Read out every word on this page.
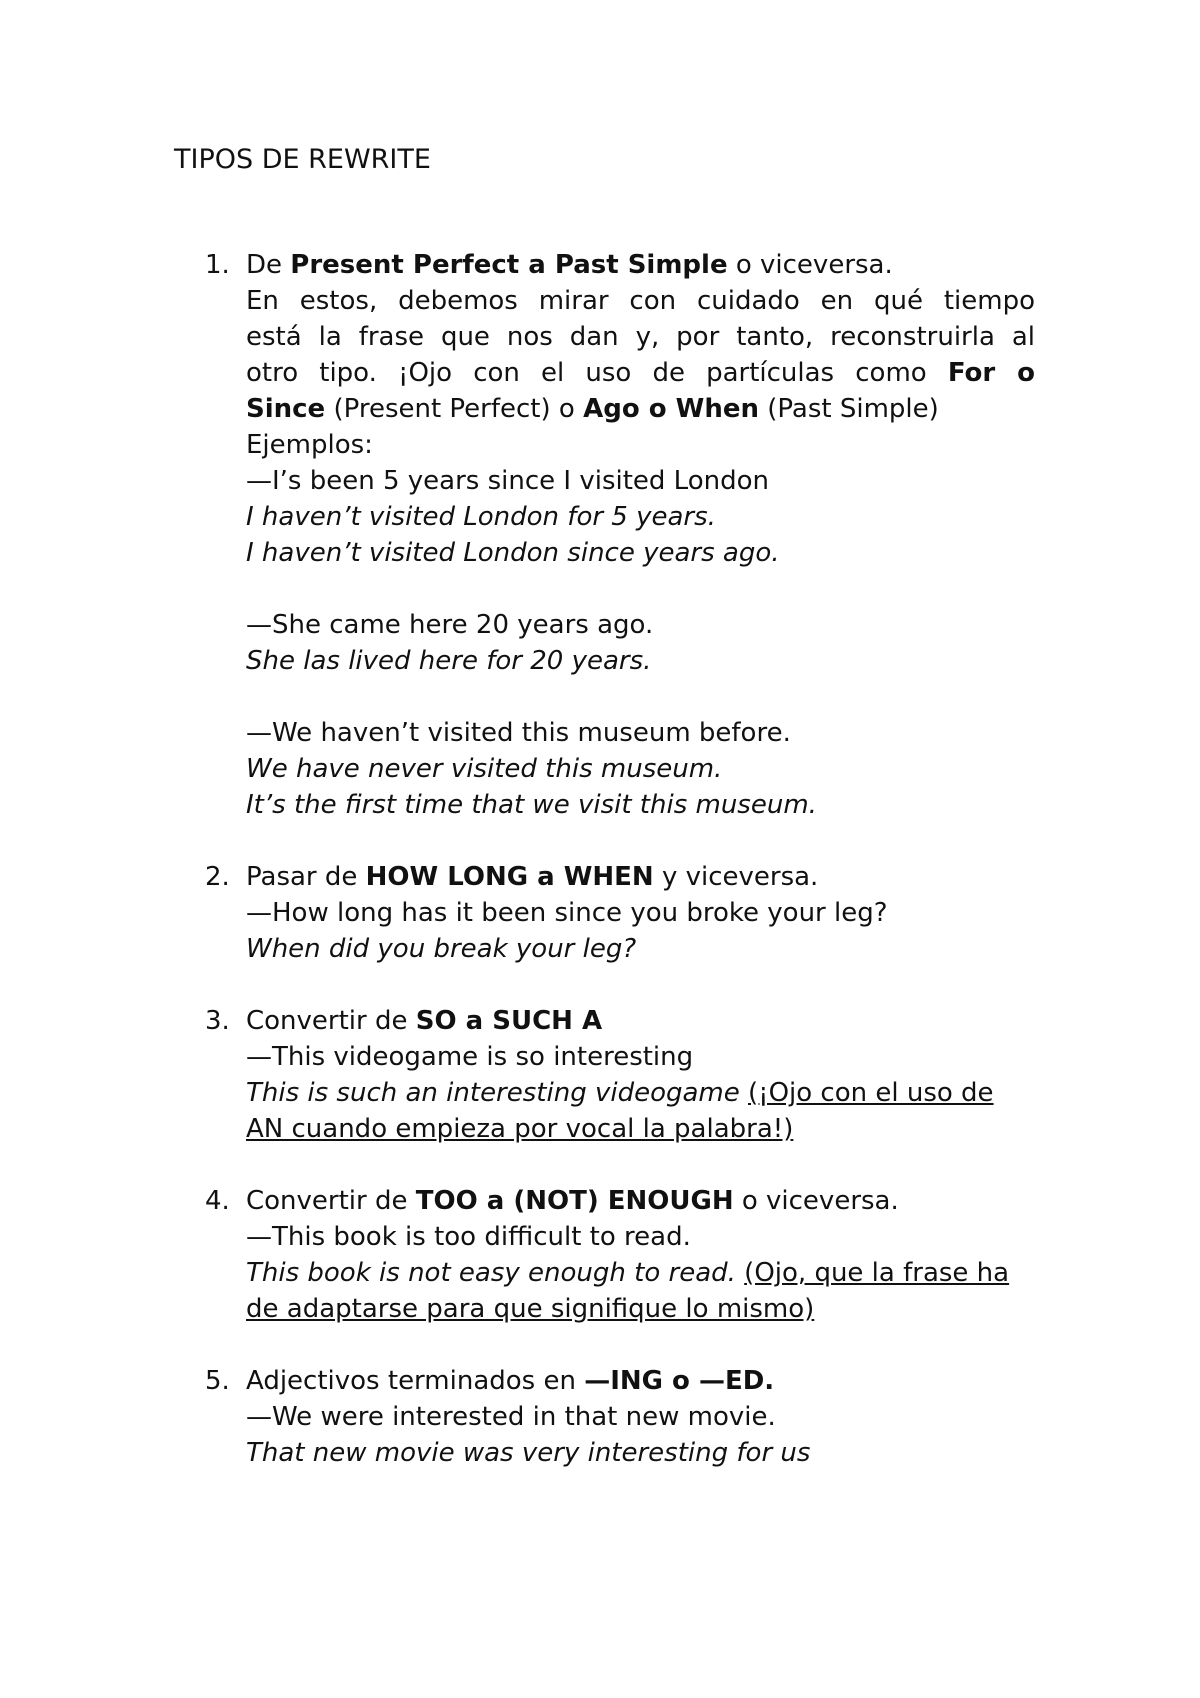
TIPOS DE REWRITE
1. De Present Perfect a Past Simple o viceversa.
En estos, debemos mirar con cuidado en qué tiempo
está la frase que nos dan y, por tanto, reconstruirla al
otro tipo. ¡Ojo con el uso de partículas como For o
Since (Present Perfect) o Ago o When (Past Simple)
Ejemplos:
—I’s been 5 years since I visited London
I haven’t visited London for 5 years.
I haven’t visited London since years ago.
—She came here 20 years ago.
She las lived here for 20 years.
—We haven’t visited this museum before.
We have never visited this museum.
It’s the first time that we visit this museum.
2. Pasar de HOW LONG a WHEN y viceversa.
—How long has it been since you broke your leg?
When did you break your leg?
3. Convertir de SO a SUCH A
—This videogame is so interesting
This is such an interesting videogame (¡Ojo con el uso de AN cuando empieza por vocal la palabra!)
4. Convertir de TOO a (NOT) ENOUGH o viceversa.
—This book is too difficult to read.
This book is not easy enough to read. (Ojo, que la frase ha de adaptarse para que signifique lo mismo)
5. Adjectivos terminados en —ING o —ED.
—We were interested in that new movie.
That new movie was very interesting for us
